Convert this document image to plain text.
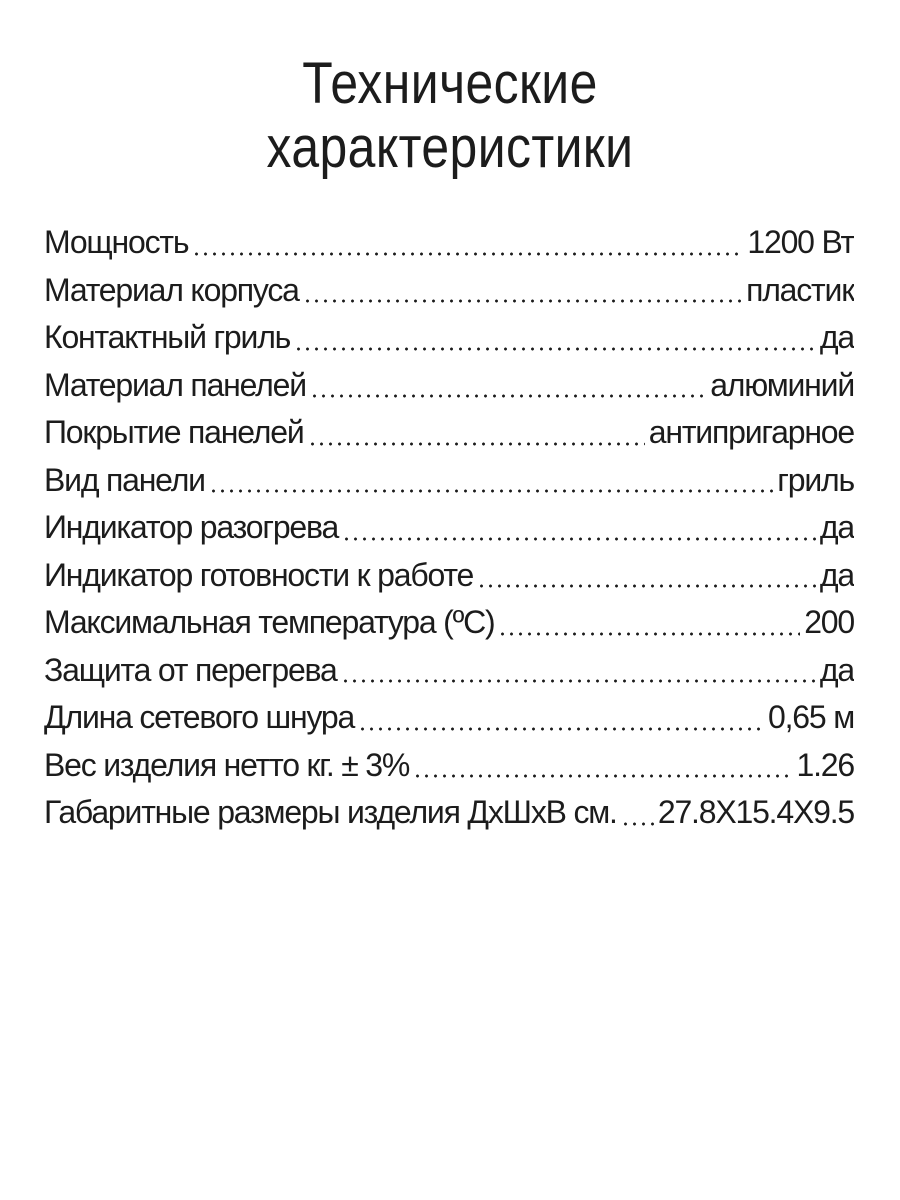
Технические
характеристики
Мощность	1200 Вт
Материал корпуса	пластик
Контактный гриль	да
Материал панелей	алюминий
Покрытие панелей	антипригарное
Вид панели	гриль
Индикатор разогрева	да
Индикатор готовности к работе	да
Максимальная температура (ºC)	200
Защита от перегрева	да
Длина сетевого шнура	0,65 м
Вес изделия нетто кг. ± 3%	1.26
Габаритные размеры изделия ДхШхВ см. 27.8X15.4X9.5
